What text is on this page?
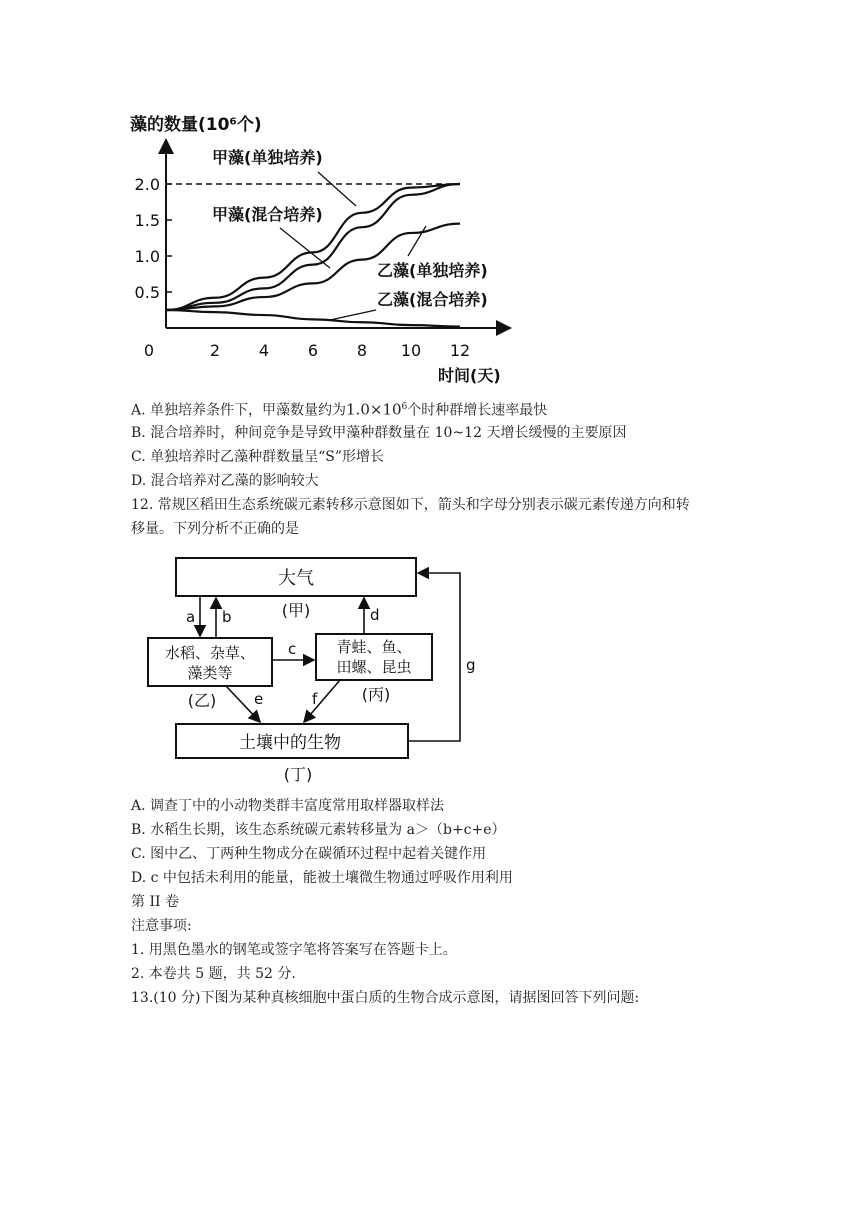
藻的数量(10⁶个)
0.5
1.0
1.5
2.0
0	2 4 6 8 10 12
时间(天)
甲藻(单独培养)
甲藻(混合培养)
乙藻(单独培养)
乙藻(混合培养)
A. 单独培养条件下，甲藻数量约为$1.0\times 10^6$个时种群增长速率最快
B. 混合培养时，种间竞争是导致甲藻种群数量在 10~12 天增长缓慢的主要原因
C. 单独培养时乙藻种群数量呈“S”形增长
D. 混合培养对乙藻的影响较大
12. 常规区稻田生态系统碳元素转移示意图如下，箭头和字母分别表示碳元素传递方向和转
移量。下列分析不正确的是
大气
(甲)
水稻、杂草、
藻类等
(乙)
青蛙、鱼、
田螺、昆虫
(丙)
土壤中的生物
(丁)
a b
c
d
e	f
g
A. 调查丁中的小动物类群丰富度常用取样器取样法
B. 水稻生长期，该生态系统碳元素转移量为 a＞（b+c+e）
C. 图中乙、丁两种生物成分在碳循环过程中起着关键作用
D. c 中包括未利用的能量，能被土壤微生物通过呼吸作用利用
第 II 卷
注意事项:
1. 用黑色墨水的钢笔或签字笔将答案写在答题卡上。
2. 本卷共 5 题，共 52 分.
13.(10 分)下图为某种真核细胞中蛋白质的生物合成示意图，请据图回答下列问题:
